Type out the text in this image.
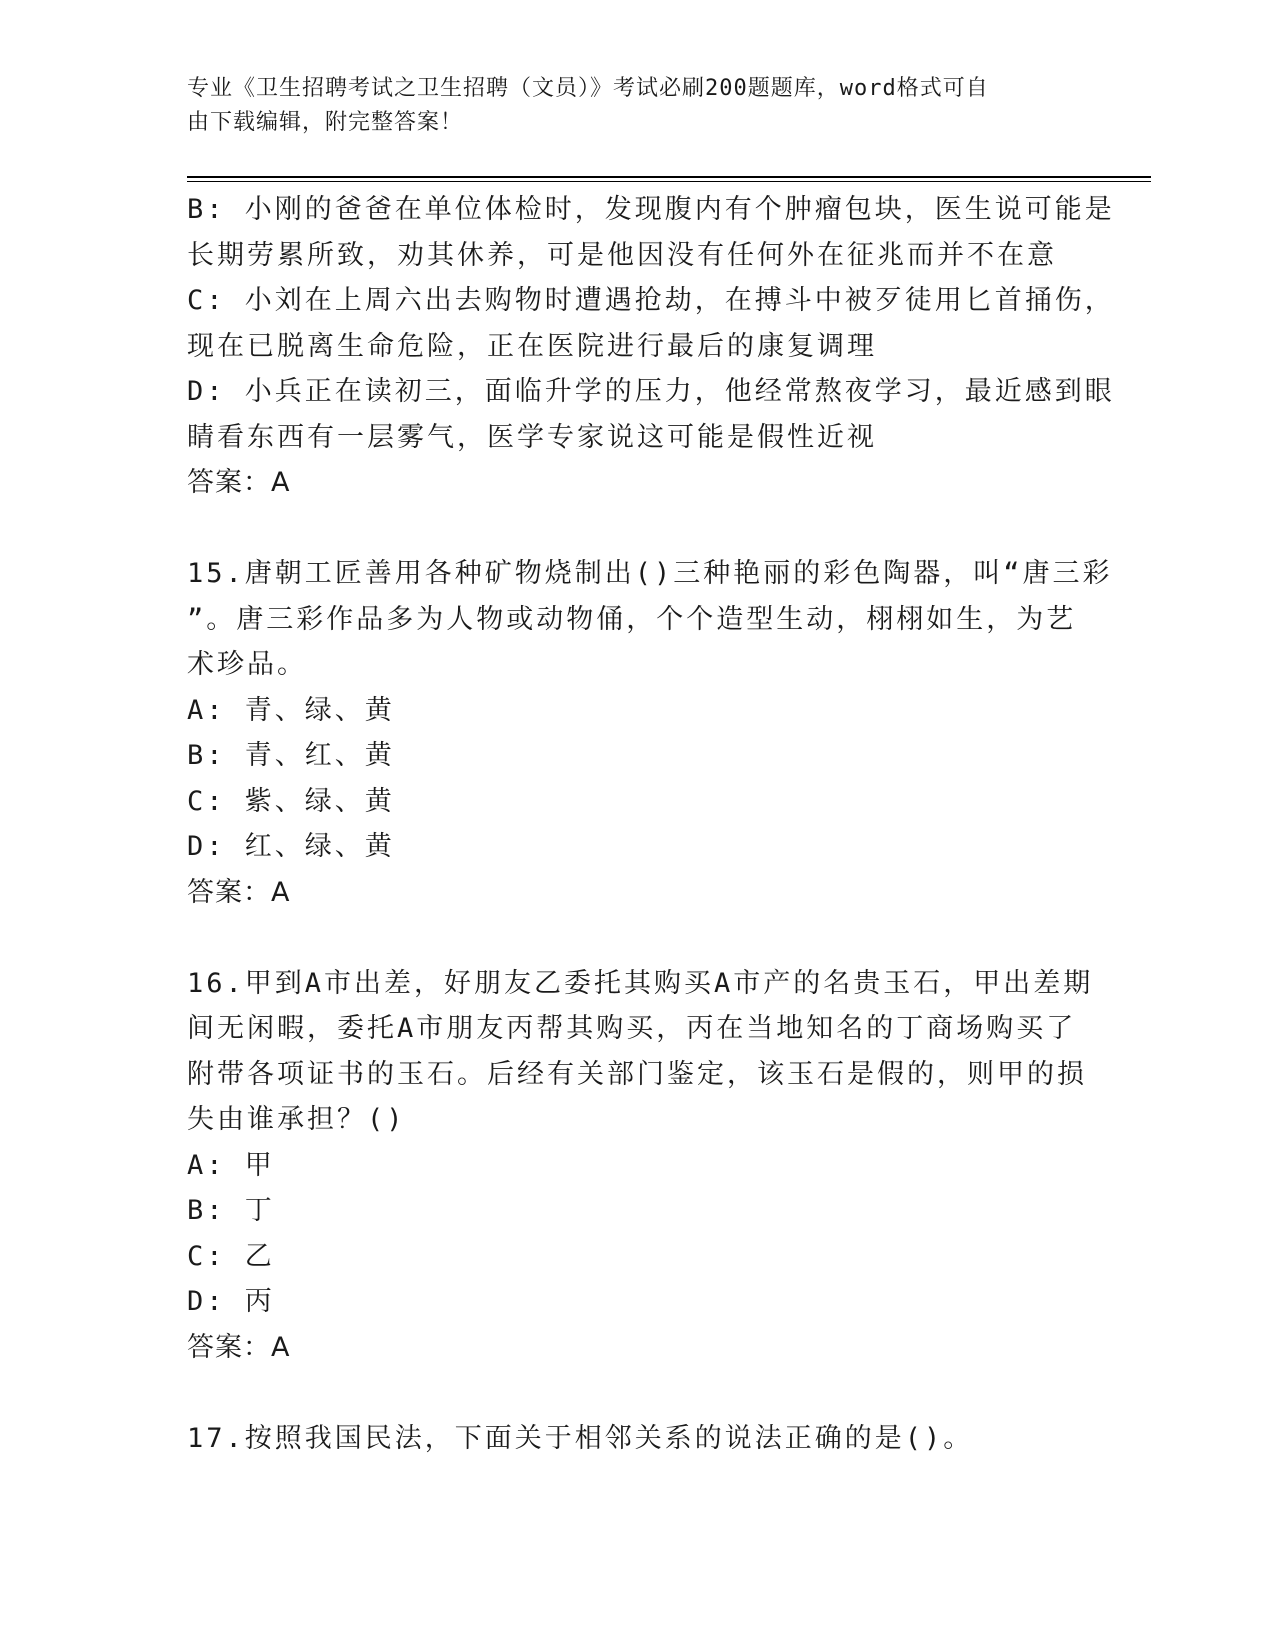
专业《卫生招聘考试之卫生招聘（文员）》考试必刷200题题库，word格式可自
由下载编辑，附完整答案！
B: 小刚的爸爸在单位体检时，发现腹内有个肿瘤包块，医生说可能是
长期劳累所致，劝其休养，可是他因没有任何外在征兆而并不在意
C: 小刘在上周六出去购物时遭遇抢劫，在搏斗中被歹徒用匕首捅伤，
现在已脱离生命危险，正在医院进行最后的康复调理
D: 小兵正在读初三，面临升学的压力，他经常熬夜学习，最近感到眼
睛看东西有一层雾气，医学专家说这可能是假性近视
答案：A
15.唐朝工匠善用各种矿物烧制出()三种艳丽的彩色陶器，叫“唐三彩
”。唐三彩作品多为人物或动物俑，个个造型生动，栩栩如生，为艺
术珍品。
A: 青、绿、黄
B: 青、红、黄
C: 紫、绿、黄
D: 红、绿、黄
答案：A
16.甲到A市出差，好朋友乙委托其购买A市产的名贵玉石，甲出差期
间无闲暇，委托A市朋友丙帮其购买，丙在当地知名的丁商场购买了
附带各项证书的玉石。后经有关部门鉴定，该玉石是假的，则甲的损
失由谁承担？()
A: 甲
B: 丁
C: 乙
D: 丙
答案：A
17.按照我国民法，下面关于相邻关系的说法正确的是()。
